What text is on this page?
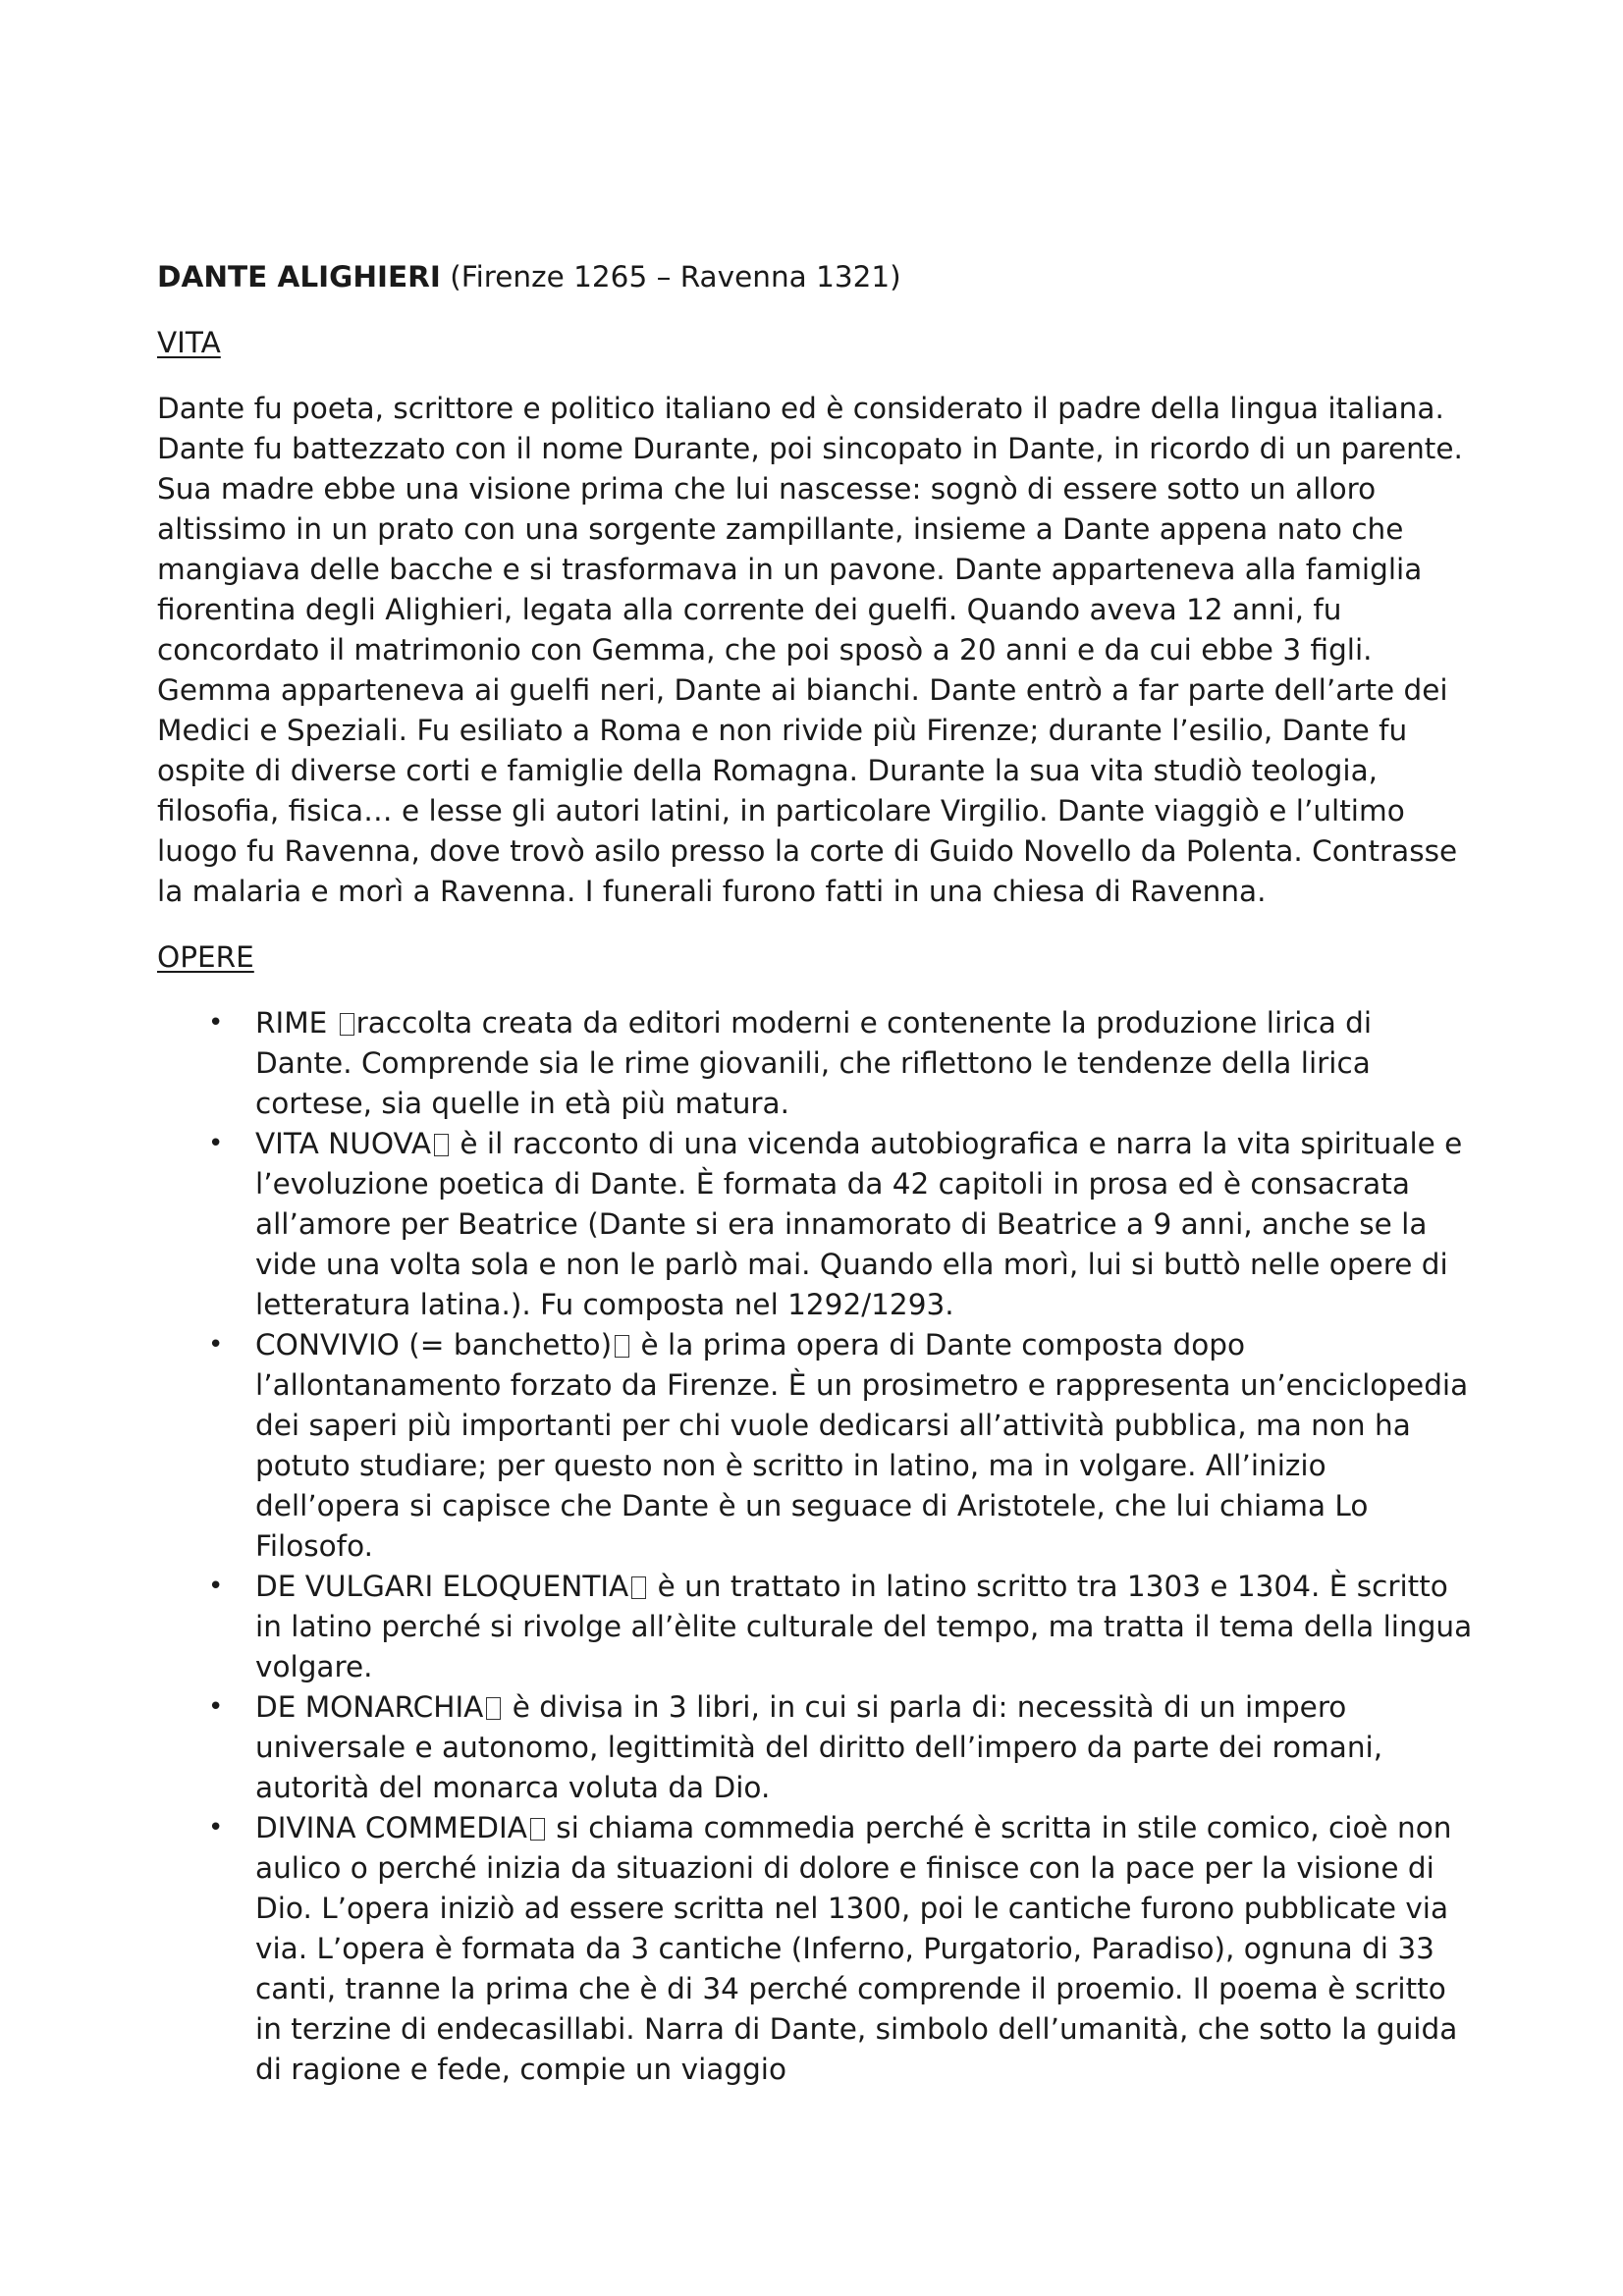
DANTE ALIGHIERI (Firenze 1265 – Ravenna 1321)

VITA

Dante fu poeta, scrittore e politico italiano ed è considerato il padre della lingua italiana. Dante fu battezzato con il nome Durante, poi sincopato in Dante, in ricordo di un parente. Sua madre ebbe una visione prima che lui nascesse: sognò di essere sotto un alloro altissimo in un prato con una sorgente zampillante, insieme a Dante appena nato che mangiava delle bacche e si trasformava in un pavone. Dante apparteneva alla famiglia fiorentina degli Alighieri, legata alla corrente dei guelfi. Quando aveva 12 anni, fu concordato il matrimonio con Gemma, che poi sposò a 20 anni e da cui ebbe 3 figli. Gemma apparteneva ai guelfi neri, Dante ai bianchi. Dante entrò a far parte dell’arte dei Medici e Speziali. Fu esiliato a Roma e non rivide più Firenze; durante l’esilio, Dante fu ospite di diverse corti e famiglie della Romagna. Durante la sua vita studiò teologia, filosofia, fisica… e lesse gli autori latini, in particolare Virgilio. Dante viaggiò e l’ultimo luogo fu Ravenna, dove trovò asilo presso la corte di Guido Novello da Polenta. Contrasse la malaria e morì a Ravenna. I funerali furono fatti in una chiesa di Ravenna.

OPERE

• RIME raccolta creata da editori moderni e contenente la produzione lirica di Dante. Comprende sia le rime giovanili, che riflettono le tendenze della lirica cortese, sia quelle in età più matura.
• VITA NUOVA è il racconto di una vicenda autobiografica e narra la vita spirituale e l’evoluzione poetica di Dante. È formata da 42 capitoli in prosa ed è consacrata all’amore per Beatrice (Dante si era innamorato di Beatrice a 9 anni, anche se la vide una volta sola e non le parlò mai. Quando ella morì, lui si buttò nelle opere di letteratura latina.). Fu composta nel 1292/1293.
• CONVIVIO (= banchetto) è la prima opera di Dante composta dopo l’allontanamento forzato da Firenze. È un prosimetro e rappresenta un’enciclopedia dei saperi più importanti per chi vuole dedicarsi all’attività pubblica, ma non ha potuto studiare; per questo non è scritto in latino, ma in volgare. All’inizio dell’opera si capisce che Dante è un seguace di Aristotele, che lui chiama Lo Filosofo.
• DE VULGARI ELOQUENTIA è un trattato in latino scritto tra 1303 e 1304. È scritto in latino perché si rivolge all’èlite culturale del tempo, ma tratta il tema della lingua volgare.
• DE MONARCHIA è divisa in 3 libri, in cui si parla di: necessità di un impero universale e autonomo, legittimità del diritto dell’impero da parte dei romani, autorità del monarca voluta da Dio.
• DIVINA COMMEDIA si chiama commedia perché è scritta in stile comico, cioè non aulico o perché inizia da situazioni di dolore e finisce con la pace per la visione di Dio. L’opera iniziò ad essere scritta nel 1300, poi le cantiche furono pubblicate via via. L’opera è formata da 3 cantiche (Inferno, Purgatorio, Paradiso), ognuna di 33 canti, tranne la prima che è di 34 perché comprende il proemio. Il poema è scritto in terzine di endecasillabi. Narra di Dante, simbolo dell’umanità, che sotto la guida di ragione e fede, compie un viaggio
